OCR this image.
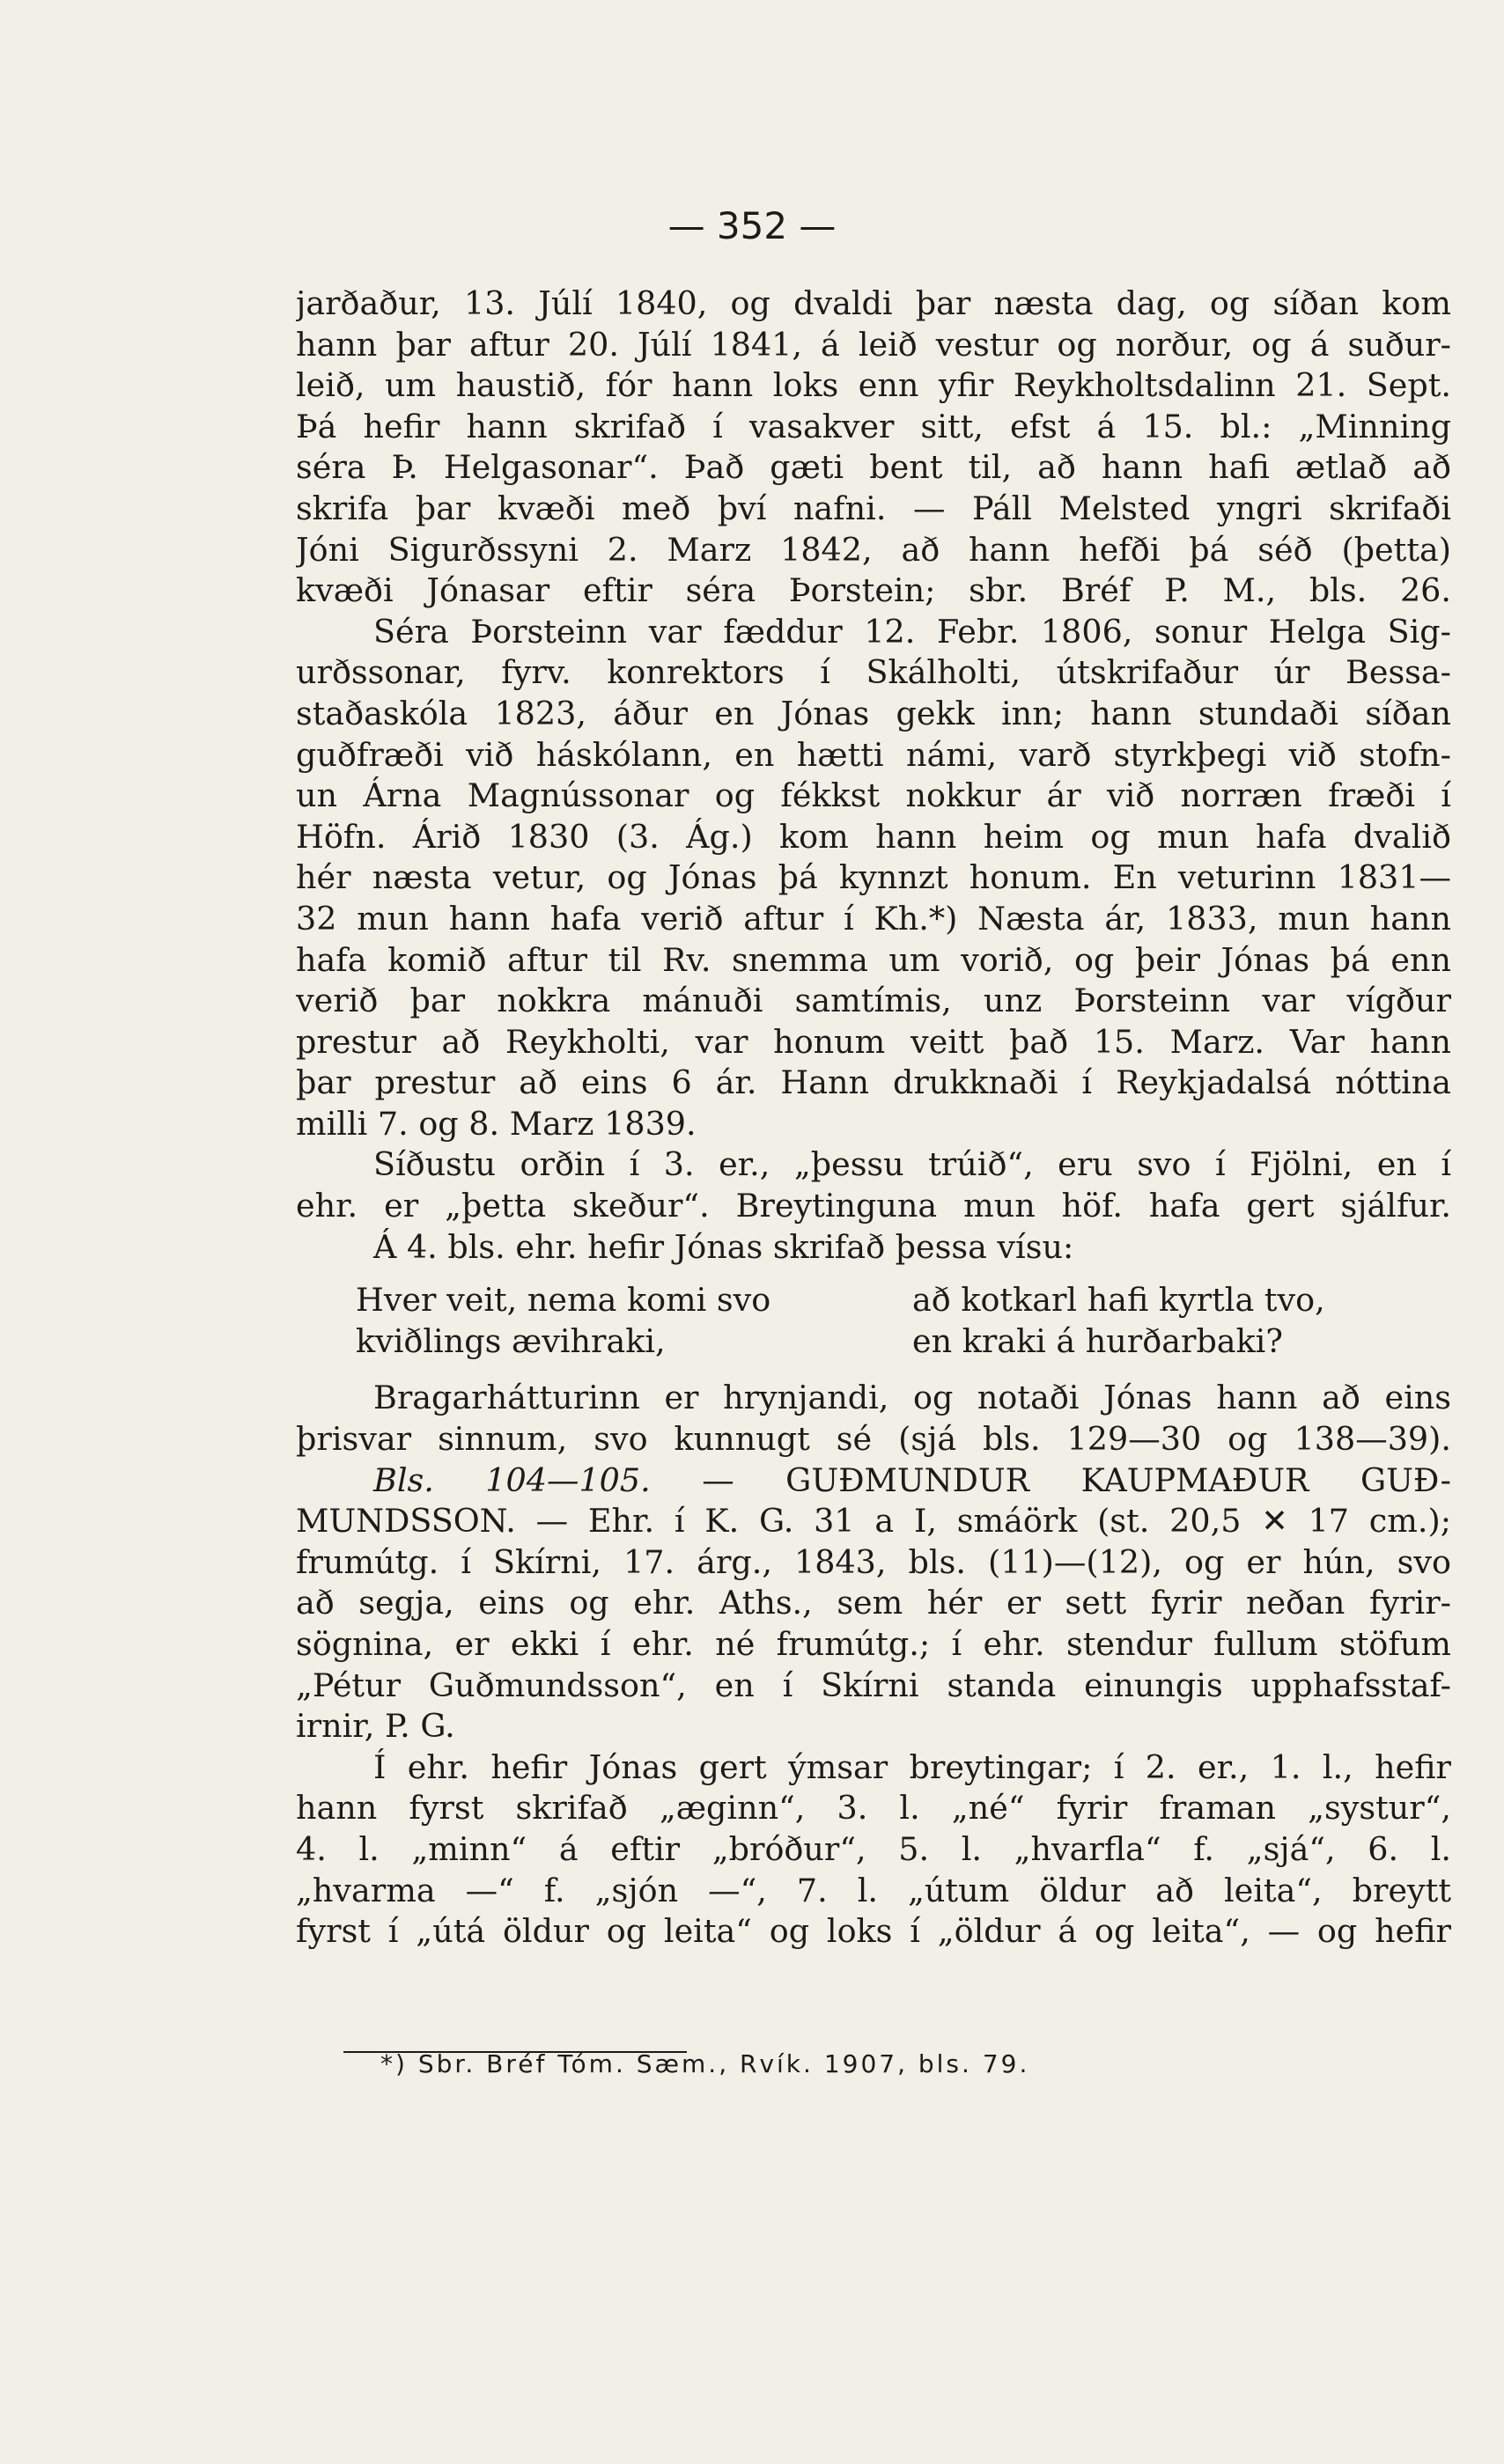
— 352 —
jarðaður, 13. Júlí 1840, og dvaldi þar næsta dag, og síðan kom
hann þar aftur 20. Júlí 1841, á leið vestur og norður, og á suður-
leið, um haustið, fór hann loks enn yfir Reykholtsdalinn 21. Sept.
Þá hefir hann skrifað í vasakver sitt, efst á 15. bl.: „Minning
séra Þ. Helgasonar“. Það gæti bent til, að hann hafi ætlað að
skrifa þar kvæði með því nafni. — Páll Melsted yngri skrifaði
Jóni Sigurðssyni 2. Marz 1842, að hann hefði þá séð (þetta)
kvæði Jónasar eftir séra Þorstein; sbr. Bréf P. M., bls. 26.
Séra Þorsteinn var fæddur 12. Febr. 1806, sonur Helga Sig-
urðssonar, fyrv. konrektors í Skálholti, útskrifaður úr Bessa-
staðaskóla 1823, áður en Jónas gekk inn; hann stundaði síðan
guðfræði við háskólann, en hætti námi, varð styrkþegi við stofn-
un Árna Magnússonar og fékkst nokkur ár við norræn fræði í
Höfn. Árið 1830 (3. Ág.) kom hann heim og mun hafa dvalið
hér næsta vetur, og Jónas þá kynnzt honum. En veturinn 1831—
32 mun hann hafa verið aftur í Kh.*) Næsta ár, 1833, mun hann
hafa komið aftur til Rv. snemma um vorið, og þeir Jónas þá enn
verið þar nokkra mánuði samtímis, unz Þorsteinn var vígður
prestur að Reykholti, var honum veitt það 15. Marz. Var hann
þar prestur að eins 6 ár. Hann drukknaði í Reykjadalsá nóttina
milli 7. og 8. Marz 1839.
Síðustu orðin í 3. er., „þessu trúið“, eru svo í Fjölni, en í
ehr. er „þetta skeður“. Breytinguna mun höf. hafa gert sjálfur.
Á 4. bls. ehr. hefir Jónas skrifað þessa vísu:
Hver veit, nema komi svo	að kotkarl hafi kyrtla tvo,
kviðlings ævihraki,	en kraki á hurðarbaki?
Bragarhátturinn er hrynjandi, og notaði Jónas hann að eins
þrisvar sinnum, svo kunnugt sé (sjá bls. 129—30 og 138—39).
Bls. 104—105. — GUÐMUNDUR KAUPMAÐUR GUÐ-
MUNDSSON. — Ehr. í K. G. 31 a I, smáörk (st. 20,5 ✕ 17 cm.);
frumútg. í Skírni, 17. árg., 1843, bls. (11)—(12), og er hún, svo
að segja, eins og ehr. Aths., sem hér er sett fyrir neðan fyrir-
sögnina, er ekki í ehr. né frumútg.; í ehr. stendur fullum stöfum
„Pétur Guðmundsson“, en í Skírni standa einungis upphafsstaf-
irnir, P. G.
Í ehr. hefir Jónas gert ýmsar breytingar; í 2. er., 1. l., hefir
hann fyrst skrifað „æginn“, 3. l. „né“ fyrir framan „systur“,
4. l. „minn“ á eftir „bróður“, 5. l. „hvarfla“ f. „sjá“, 6. l.
„hvarma —“ f. „sjón —“, 7. l. „útum öldur að leita“, breytt
fyrst í „útá öldur og leita“ og loks í „öldur á og leita“, — og hefir
*) Sbr. Bréf Tóm. Sæm., Rvík. 1907, bls. 79.
